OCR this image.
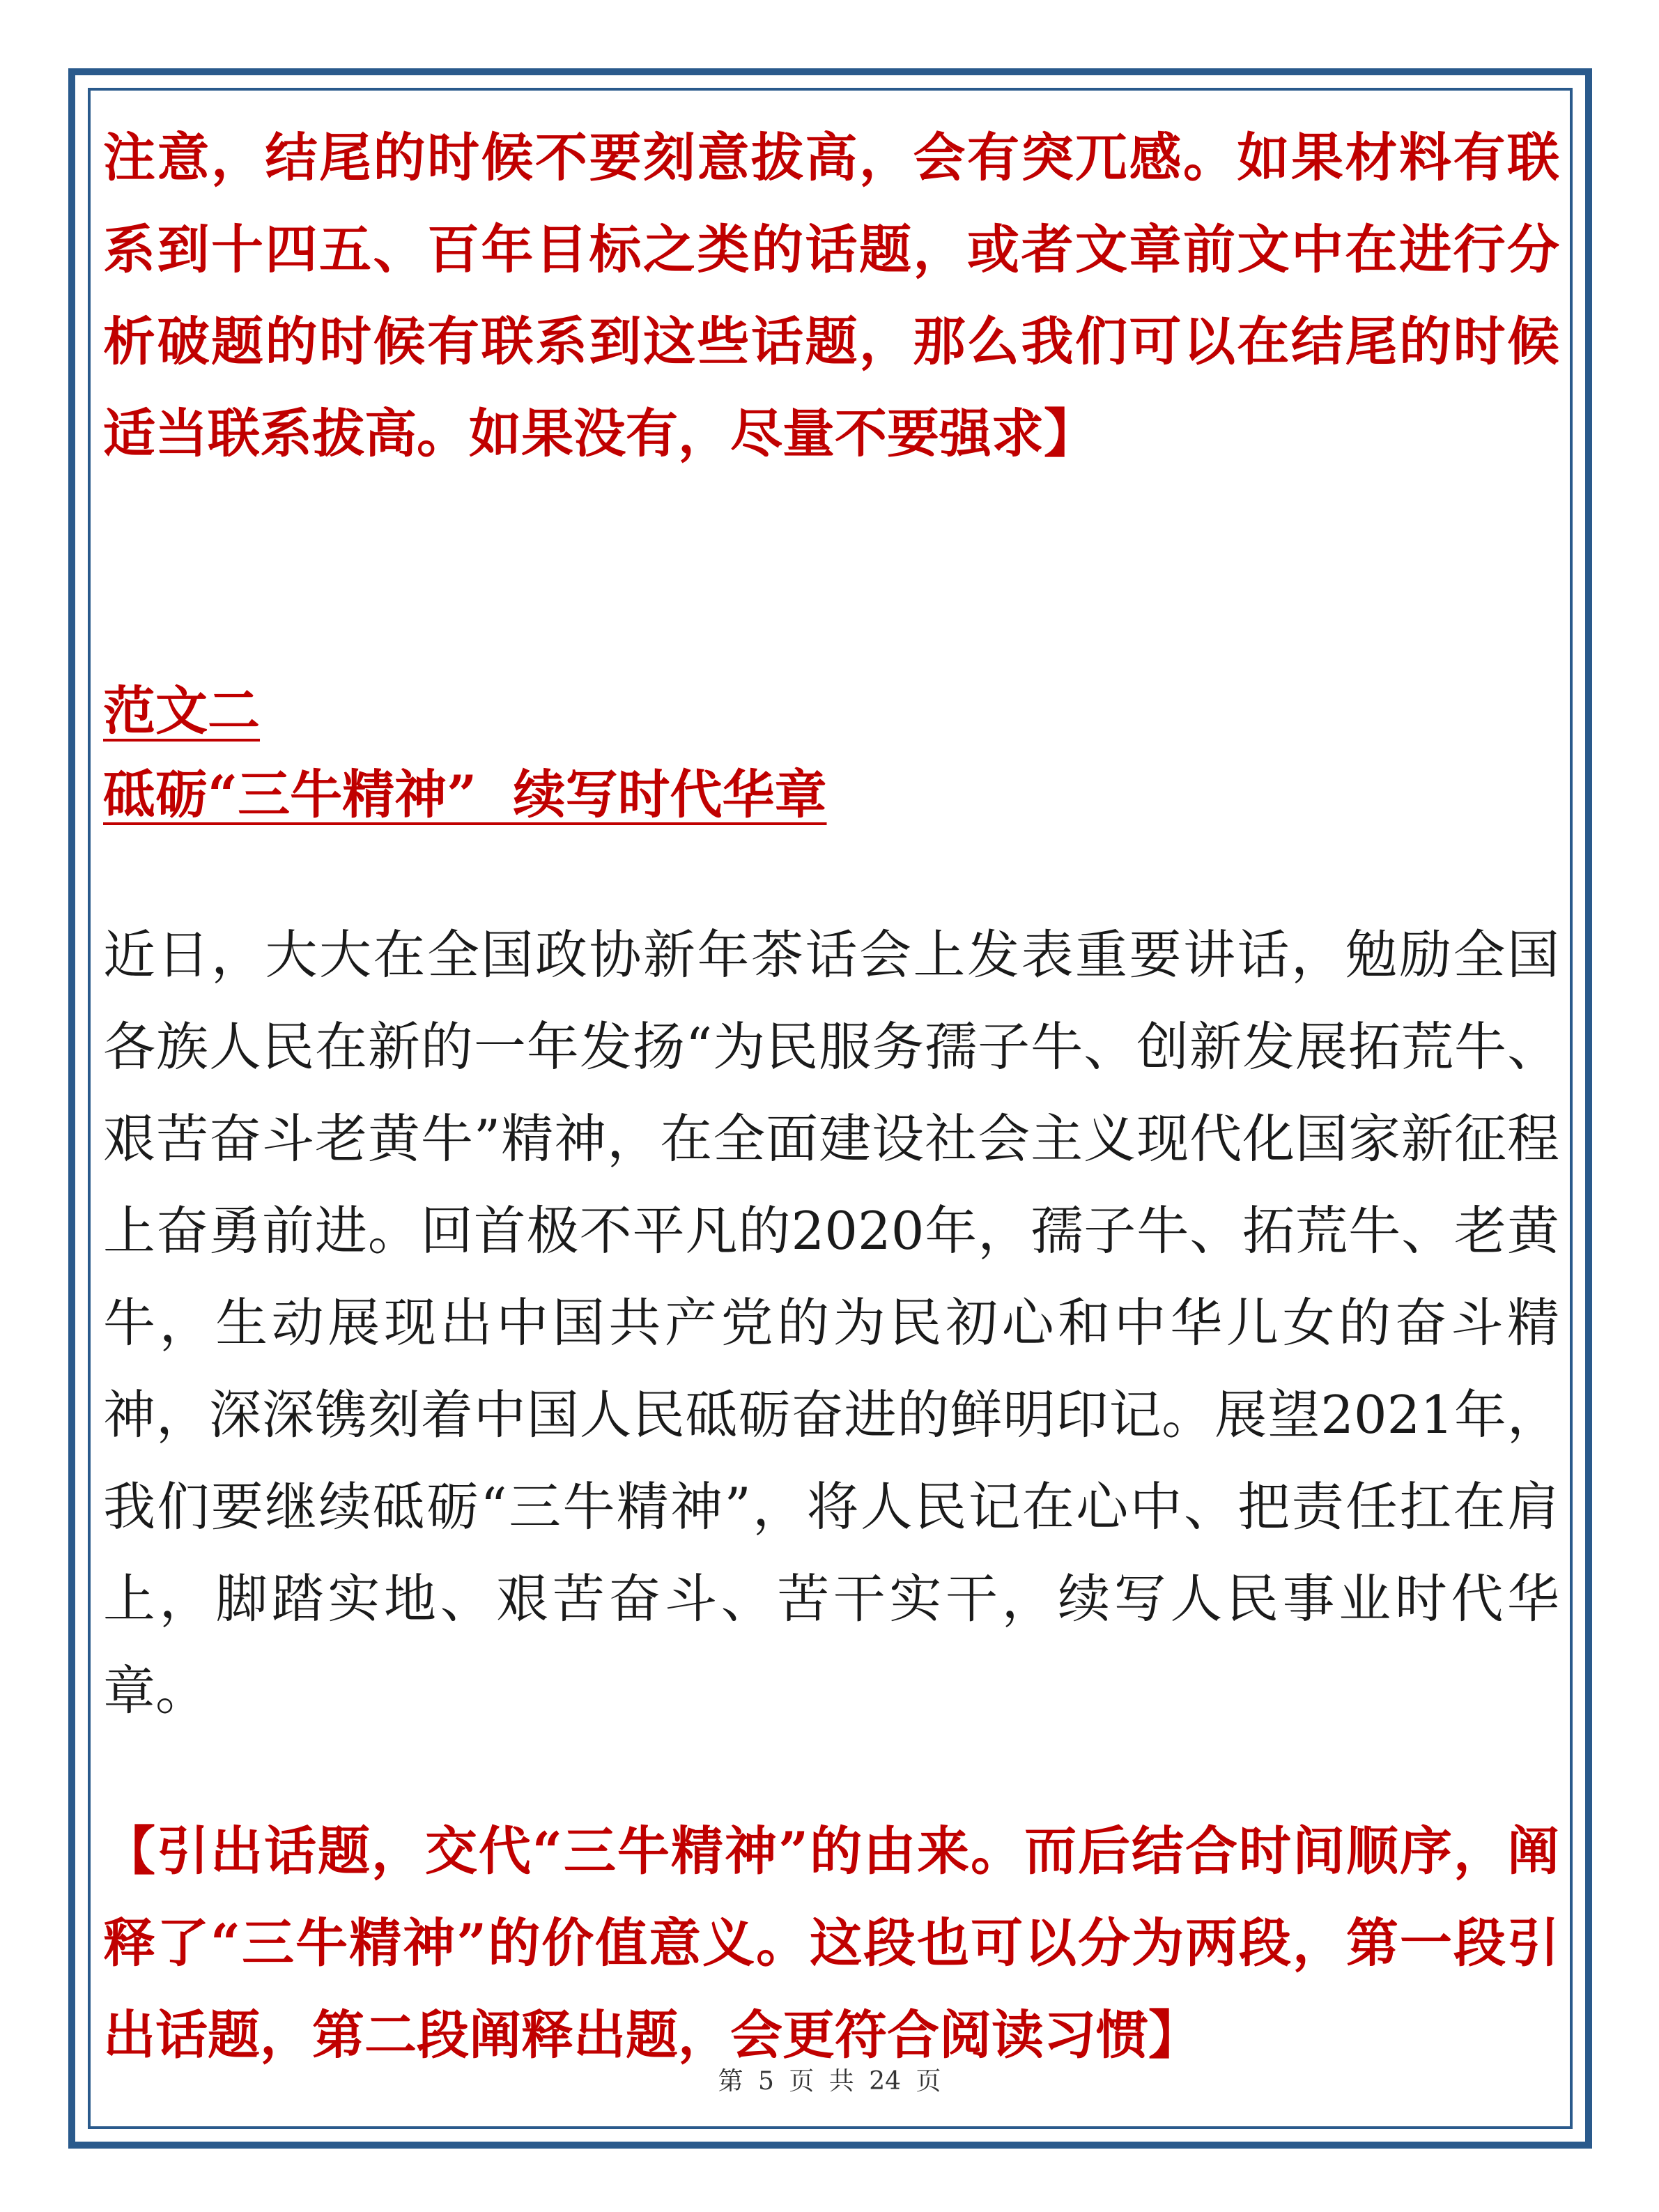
注意，结尾的时候不要刻意拔高，会有突兀感。如果材料有联系到十四五、百年目标之类的话题，或者文章前文中在进行分析破题的时候有联系到这些话题，那么我们可以在结尾的时候适当联系拔高。如果没有，尽量不要强求】

范文二

砥砺“三牛精神”  续写时代华章

近日，大大在全国政协新年茶话会上发表重要讲话，勉励全国各族人民在新的一年发扬“为民服务孺子牛、创新发展拓荒牛、艰苦奋斗老黄牛”精神，在全面建设社会主义现代化国家新征程上奋勇前进。回首极不平凡的2020年，孺子牛、拓荒牛、老黄牛，生动展现出中国共产党的为民初心和中华儿女的奋斗精神，深深镌刻着中国人民砥砺奋进的鲜明印记。展望2021年，我们要继续砥砺“三牛精神”，将人民记在心中、把责任扛在肩上，脚踏实地、艰苦奋斗、苦干实干，续写人民事业时代华章。

【引出话题，交代“三牛精神”的由来。而后结合时间顺序，阐释了“三牛精神”的价值意义。这段也可以分为两段，第一段引出话题，第二段阐释出题，会更符合阅读习惯】

第 5 页 共 24 页
